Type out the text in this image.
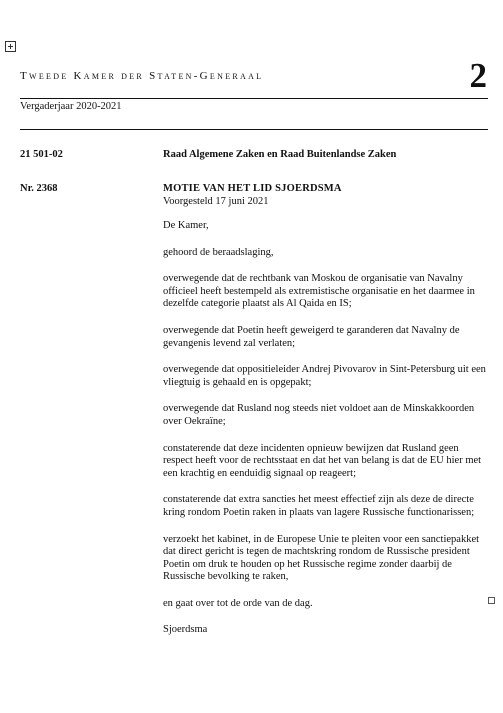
Tweede Kamer der Staten-Generaal	2
Vergaderjaar 2020-2021
21 501-02	Raad Algemene Zaken en Raad Buitenlandse Zaken
Nr. 2368	MOTIE VAN HET LID SJOERDSMA
Voorgesteld 17 juni 2021

De Kamer,

gehoord de beraadslaging,

overwegende dat de rechtbank van Moskou de organisatie van Navalny officieel heeft bestempeld als extremistische organisatie en het daarmee in dezelfde categorie plaatst als Al Qaida en IS;

overwegende dat Poetin heeft geweigerd te garanderen dat Navalny de gevangenis levend zal verlaten;

overwegende dat oppositieleider Andrej Pivovarov in Sint-Petersburg uit een vliegtuig is gehaald en is opgepakt;

overwegende dat Rusland nog steeds niet voldoet aan de Minskakkoorden over Oekraïne;

constaterende dat deze incidenten opnieuw bewijzen dat Rusland geen respect heeft voor de rechtsstaat en dat het van belang is dat de EU hier met een krachtig en eenduidig signaal op reageert;

constaterende dat extra sancties het meest effectief zijn als deze de directe kring rondom Poetin raken in plaats van lagere Russische functionarissen;

verzoekt het kabinet, in de Europese Unie te pleiten voor een sanctiepakket dat direct gericht is tegen de machtskring rondom de Russische president Poetin om druk te houden op het Russische regime zonder daarbij de Russische bevolking te raken,

en gaat over tot de orde van de dag.

Sjoerdsma
